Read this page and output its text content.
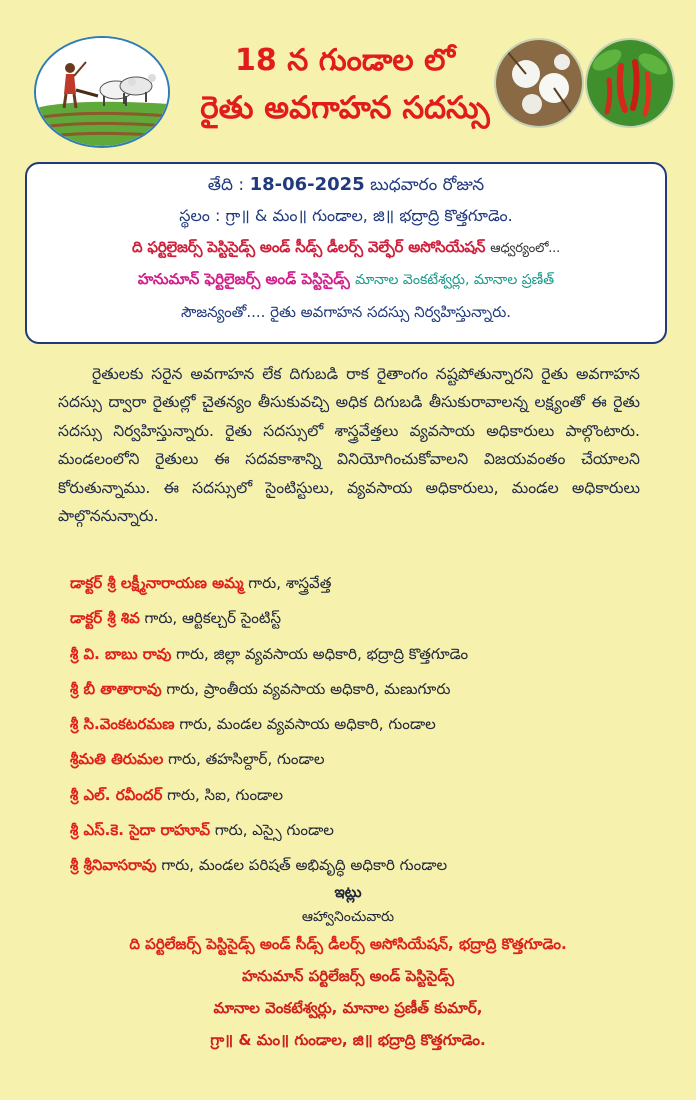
18 న గుండాల లో
రైతు అవగాహన సదస్సు
తేది : 18-06-2025 బుధవారం రోజున
స్థలం : గ్రా॥ & మం॥ గుండాల, జి॥ భద్రాద్రి కొత్తగూడెం.
ది ఫర్టిలైజర్స్ పెస్టిసైడ్స్ అండ్ సీడ్స్ డీలర్స్ వెల్ఫేర్ అసోసియేషన్ ఆధ్వర్యంలో...
హనుమాన్ ఫెర్టిలైజర్స్ అండ్ పెస్టిసైడ్స్ మానాల వెంకటేశ్వర్లు, మానాల ప్రణీత్
సౌజన్యంతో.... రైతు అవగాహన సదస్సు నిర్వహిస్తున్నారు.
రైతులకు సరైన అవగాహన లేక దిగుబడి రాక రైతాంగం నష్టపోతున్నారని రైతు అవగాహన సదస్సు ద్వారా రైతుల్లో చైతన్యం తీసుకువచ్చి అధిక దిగుబడి తీసుకురావాలన్న లక్ష్యంతో ఈ రైతు సదస్సు నిర్వహిస్తున్నారు. రైతు సదస్సులో శాస్త్రవేత్తలు వ్యవసాయ అధికారులు పాల్గొంటారు. మండలంలోని రైతులు ఈ సదవకాశాన్ని వినియోగించుకోవాలని విజయవంతం చేయాలని కోరుతున్నాము. ఈ సదస్సులో సైంటిస్టులు, వ్యవసాయ అధికారులు, మండల అధికారులు పాల్గొననున్నారు.
డాక్టర్ శ్రీ లక్ష్మీనారాయణ అమ్మ గారు, శాస్త్రవేత్త
డాక్టర్ శ్రీ శివ గారు, ఆర్టికల్చర్ సైంటిస్ట్
శ్రీ వి. బాబు రావు గారు, జిల్లా వ్యవసాయ అధికారి, భద్రాద్రి కొత్తగూడెం
శ్రీ బీ తాతారావు గారు, ప్రాంతీయ వ్యవసాయ అధికారి, మణుగూరు
శ్రీ సి.వెంకటరమణ గారు, మండల వ్యవసాయ అధికారి, గుండాల
శ్రీమతి తిరుమల గారు, తహసిల్దార్, గుండాల
శ్రీ ఎల్. రవీందర్ గారు, సిఐ, గుండాల
శ్రీ ఎస్.కె. సైదా రాహూవ్ గారు, ఎస్సై గుండాల
శ్రీ శ్రీనివాసరావు గారు, మండల పరిషత్ అభివృద్ధి అధికారి గుండాల
ఇట్లు
ఆహ్వానించువారు
ది పర్టిలేజర్స్ పెస్టిసైడ్స్ అండ్ సీడ్స్ డీలర్స్ అసోసియేషన్, భద్రాద్రి కొత్తగూడెం.
హనుమాన్ పర్టిలేజర్స్ అండ్ పెస్టిసైడ్స్
మానాల వెంకటేశ్వర్లు, మానాల ప్రణీత్ కుమార్,
గ్రా॥ & మం॥ గుండాల, జి॥ భద్రాద్రి కొత్తగూడెం.
